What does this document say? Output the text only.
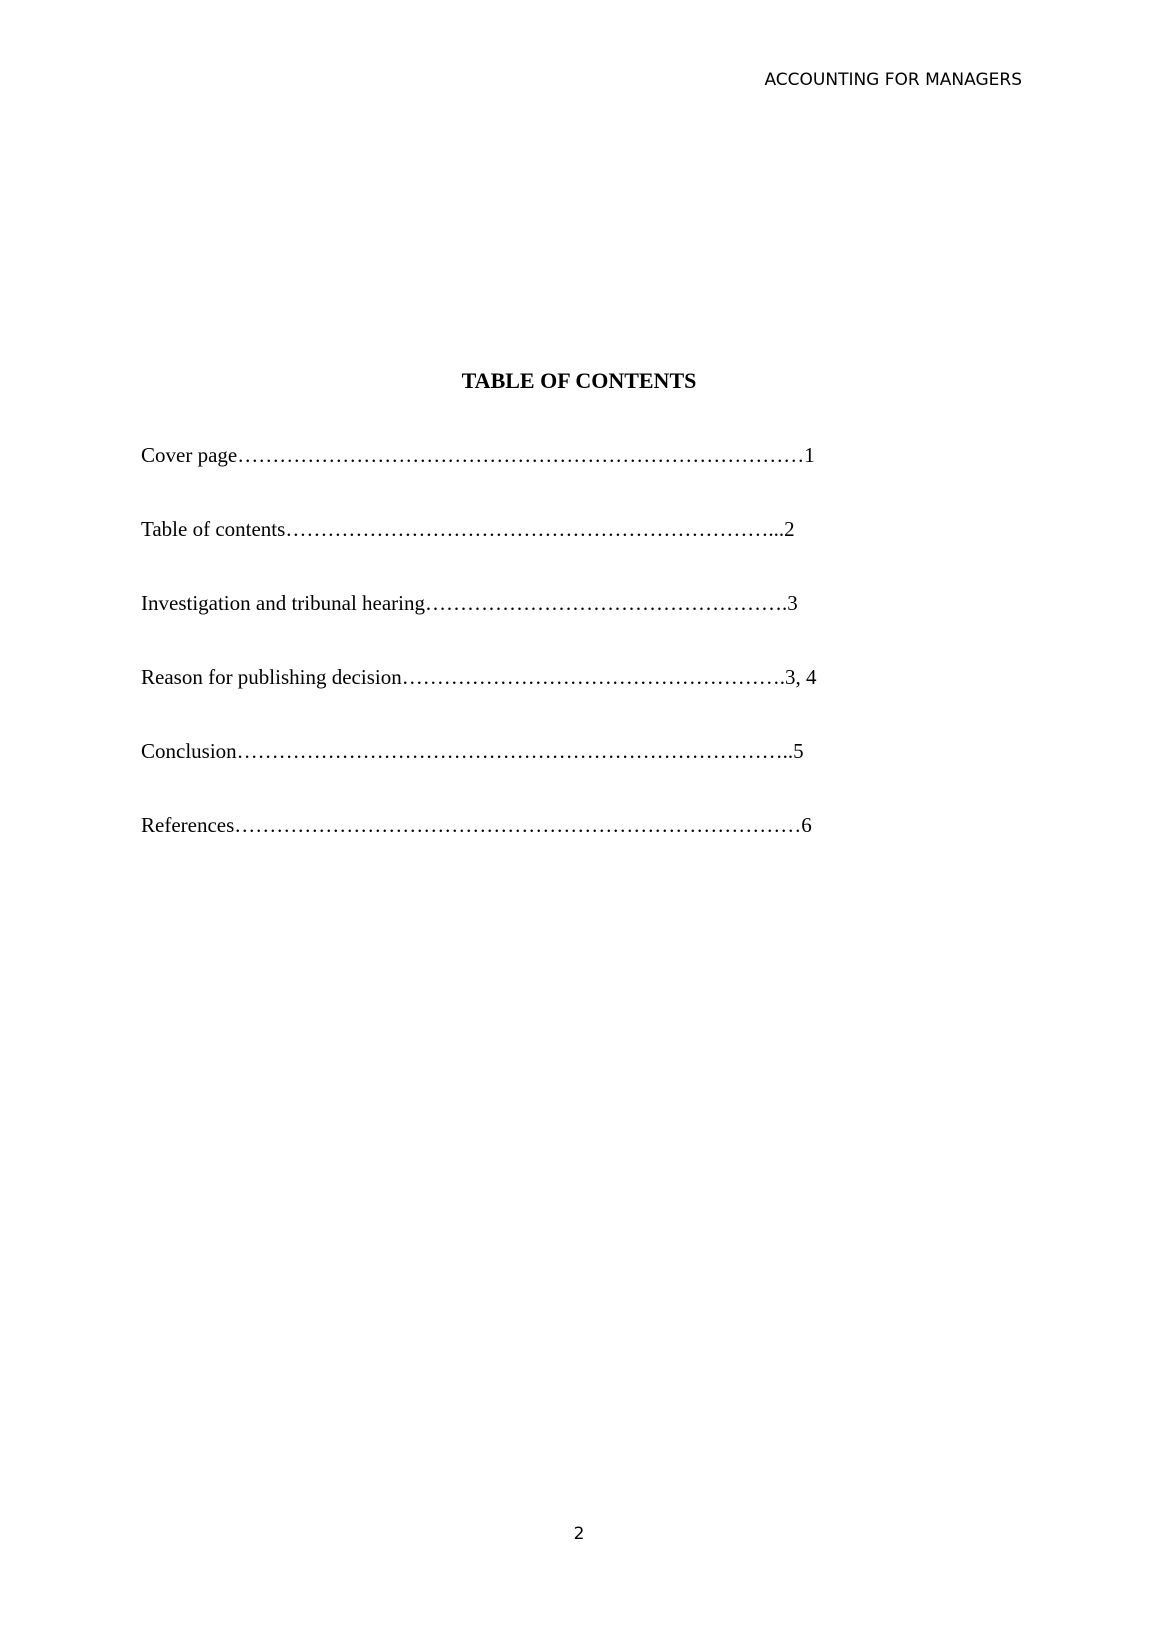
ACCOUNTING FOR MANAGERS
TABLE OF CONTENTS
Cover page………………………………………………………………………1
Table of contents……………………………………………………………...2
Investigation and tribunal hearing…………………………………………….3
Reason for publishing decision……………………………………………….3, 4
Conclusion……………………………………………………………………..5
References………………………………………………………………………6
2
